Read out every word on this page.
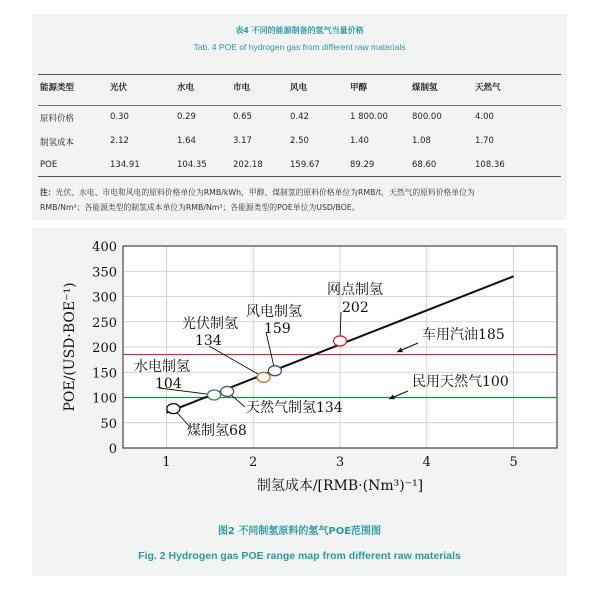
表4 不同的能源制备的氢气当量价格
Tab. 4 POE of hydrogen gas from different raw materials
能源类型	光伏	水电	市电	风电	甲醇	煤制氢	天然气
原料价格	0.30	0.29	0.65	0.42	1 800.00	800.00	4.00
制氢成本	2.12	1.64	3.17	2.50	1.40	1.08	1.70
POE	134.91	104.35	202.18	159.67	89.29	68.60	108.36
注：光伏、水电、市电和风电的原料价格单位为RMB/kWh，甲醇、煤制氢的原料价格单位为RMB/t，天然气的原料价格单位为
RMB/Nm³；各能源类型的制氢成本单位为RMB/Nm³；各能源类型的POE单位为USD/BOE。
0
50
100
150
200
250
300
350
400
1	2	3	4	5
制氢成本/[RMB·(Nm³)⁻¹]
POE/(USD·BOE⁻¹)
煤制氢68
水电制氢
104
天然气制氢134
光伏制氢
134
风电制氢
159
网点制氢
202
车用汽油185
民用天然气100
图2 不同制氢原料的氢气POE范围图
Fig. 2 Hydrogen gas POE range map from different raw materials
